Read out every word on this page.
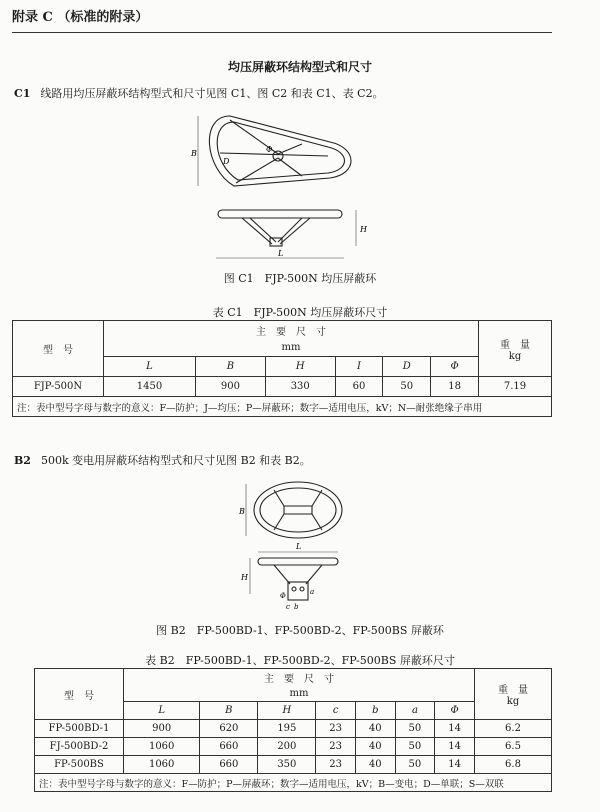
附录 C （标准的附录）
均压屏蔽环结构型式和尺寸
C1 线路用均压屏蔽环结构型式和尺寸见图 C1、图 C2 和表 C1、表 C2。
B
D
Φ
L
H
图 C1　FJP-500N 均压屏蔽环
表 C1　FJP-500N 均压屏蔽环尺寸
型　号	主　要　尺　寸						重　量
kg

	mm						
	L	B	H	I	D	Φ	
FJP-500N	1450	900	330	60	50	18	7.19
注：表中型号字母与数字的意义：F—防护；J—均压；P—屏蔽环；数字—适用电压，kV；N—耐张绝缘子串用							
B2 500k 变电用屏蔽环结构型式和尺寸见图 B2 和表 B2。
B
L
H
Φ	a
b
c
图 B2　FP-500BD-1、FP-500BD-2、FP-500BS 屏蔽环
表 B2　FP-500BD-1、FP-500BD-2、FP-500BS 屏蔽环尺寸
型　号	主　要　尺　寸							重　量
kg

	mm							
	L	B	H	c	b	a	Φ	
FP-500BD-1	900	620	195	23	40	50	14	6.2
FJ-500BD-2	1060	660	200	23	40	50	14	6.5
FP-500BS	1060	660	350	23	40	50	14	6.8
注：表中型号字母与数字的意义：F—防护；P—屏蔽环；数字—适用电压，kV；B—变电；D—单联；S—双联								
